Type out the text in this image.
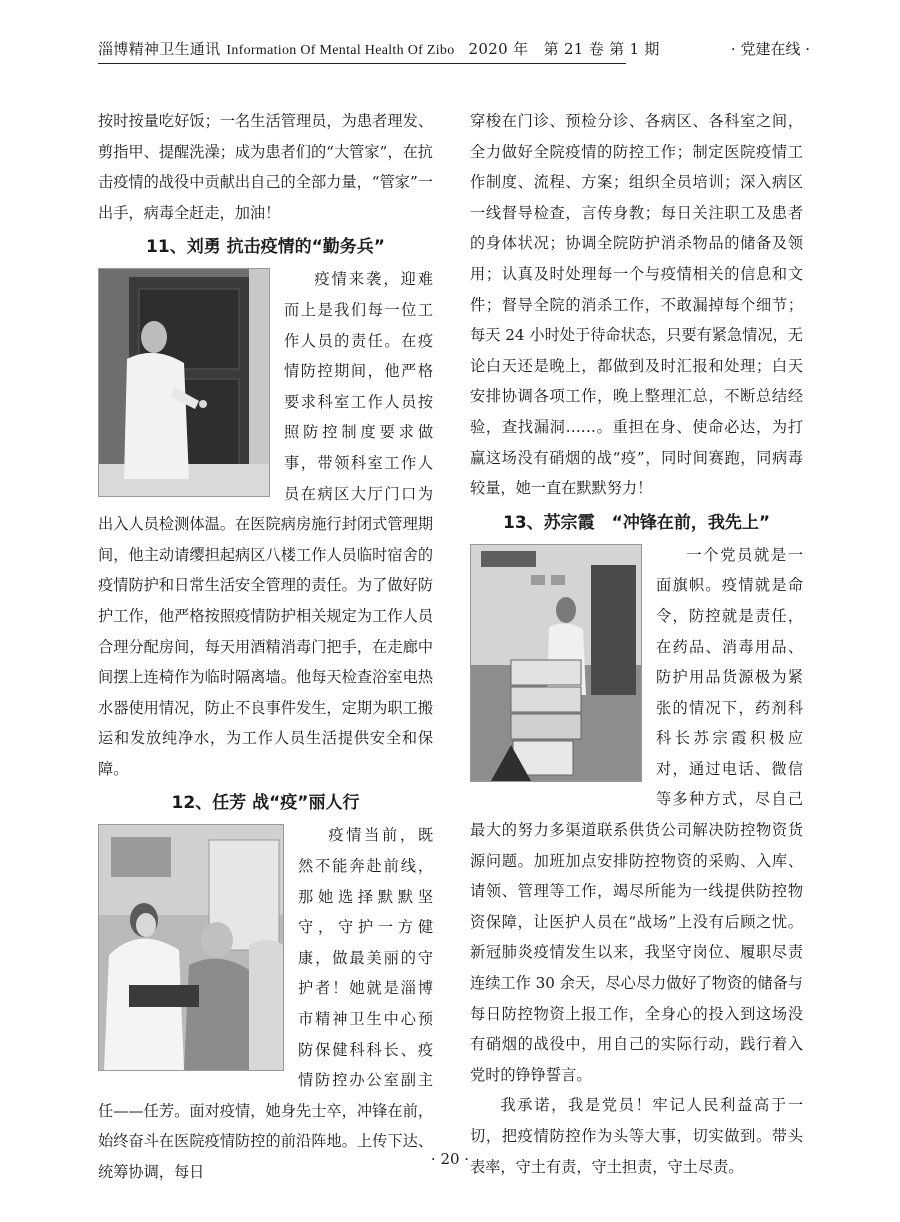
淄博精神卫生通讯 Information Of Mental Health Of Zibo 2020 年　第 21 卷 第 1 期	· 党建在线 ·

按时按量吃好饭；一名生活管理员，为患者理发、剪指甲、提醒洗澡；成为患者们的“大管家”，在抗击疫情的战役中贡献出自己的全部力量，“管家”一出手，病毒全赶走，加油！

11、刘勇 抗击疫情的“勤务兵”

疫情来袭，迎难而上是我们每一位工作人员的责任。在疫情防控期间，他严格要求科室工作人员按照防控制度要求做事，带领科室工作人员在病区大厅门口为出入人员检测体温。在医院病房施行封闭式管理期间，他主动请缨担起病区八楼工作人员临时宿舍的疫情防护和日常生活安全管理的责任。为了做好防护工作，他严格按照疫情防护相关规定为工作人员合理分配房间，每天用酒精消毒门把手，在走廊中间摆上连椅作为临时隔离墙。他每天检查浴室电热水器使用情况，防止不良事件发生，定期为职工搬运和发放纯净水，为工作人员生活提供安全和保障。

12、任芳 战“疫”丽人行

疫情当前，既然不能奔赴前线，那她选择默默坚守，守护一方健康，做最美丽的守护者！她就是淄博市精神卫生中心预防保健科科长、疫情防控办公室副主任——任芳。面对疫情，她身先士卒，冲锋在前，始终奋斗在医院疫情防控的前沿阵地。上传下达、统筹协调，每日

穿梭在门诊、预检分诊、各病区、各科室之间，全力做好全院疫情的防控工作；制定医院疫情工作制度、流程、方案；组织全员培训；深入病区一线督导检查，言传身教；每日关注职工及患者的身体状况；协调全院防护消杀物品的储备及领用；认真及时处理每一个与疫情相关的信息和文件；督导全院的消杀工作，不敢漏掉每个细节；每天 24 小时处于待命状态，只要有紧急情况，无论白天还是晚上，都做到及时汇报和处理；白天安排协调各项工作，晚上整理汇总，不断总结经验，查找漏洞……。重担在身、使命必达，为打赢这场没有硝烟的战“疫”，同时间赛跑，同病毒较量，她一直在默默努力！

13、苏宗霞　“冲锋在前，我先上”

一个党员就是一面旗帜。疫情就是命令，防控就是责任，在药品、消毒用品、防护用品货源极为紧张的情况下，药剂科科长苏宗霞积极应对，通过电话、微信等多种方式，尽自己最大的努力多渠道联系供货公司解决防控物资货源问题。加班加点安排防控物资的采购、入库、请领、管理等工作，竭尽所能为一线提供防控物资保障，让医护人员在“战场”上没有后顾之忧。新冠肺炎疫情发生以来，我坚守岗位、履职尽责连续工作 30 余天，尽心尽力做好了物资的储备与每日防控物资上报工作，全身心的投入到这场没有硝烟的战役中，用自己的实际行动，践行着入党时的铮铮誓言。

我承诺，我是党员！牢记人民利益高于一切，把疫情防控作为头等大事，切实做到。带头表率，守土有责，守土担责，守土尽责。

· 20 ·
